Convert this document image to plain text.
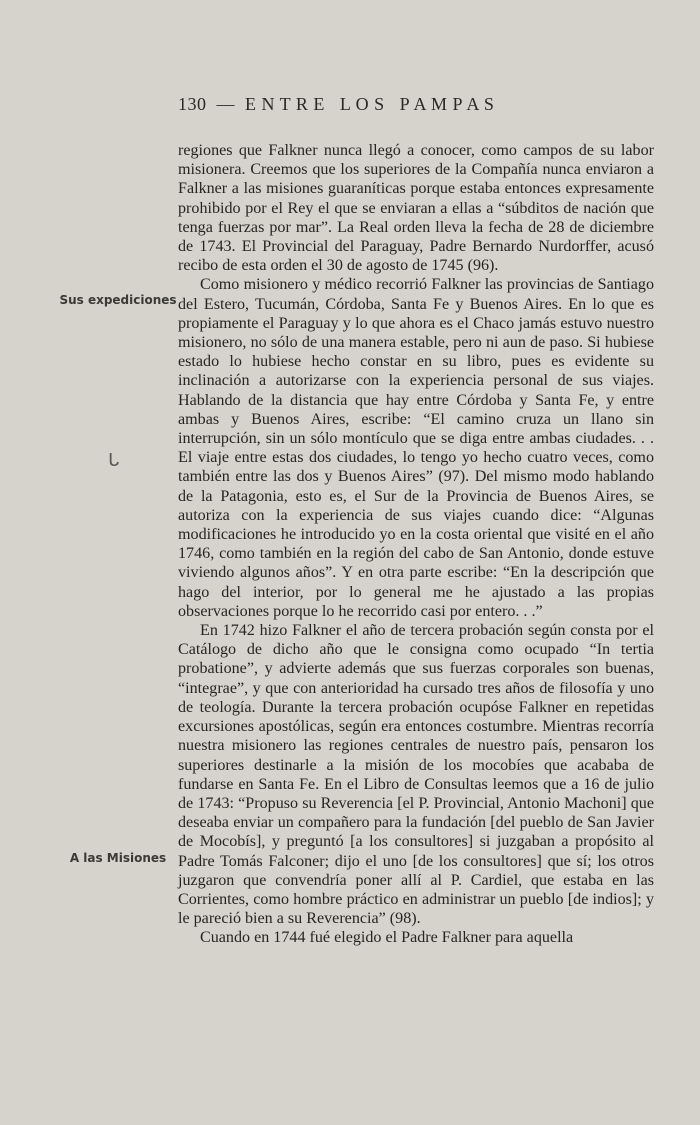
130 — E N T R E   L O S   P A M P A S
Sus expediciones
A las Misiones
ᒐ

regiones que Falkner nunca llegó a conocer, como campos de su labor misionera. Creemos que los superiores de la Compañía nunca enviaron a Falkner a las misiones guaraníticas porque estaba entonces expresamente prohibido por el Rey el que se enviaran a ellas a “súbditos de nación que tenga fuerzas por mar”. La Real orden lleva la fecha de 28 de diciembre de 1743. El Provincial del Paraguay, Padre Bernardo Nurdorffer, acusó recibo de esta orden el 30 de agosto de 1745 (96).

Como misionero y médico recorrió Falkner las provincias de Santiago del Estero, Tucumán, Córdoba, Santa Fe y Buenos Aires. En lo que es propiamente el Paraguay y lo que ahora es el Chaco jamás estuvo nuestro misionero, no sólo de una manera estable, pero ni aun de paso. Si hubiese estado lo hubiese hecho constar en su libro, pues es evidente su inclinación a autorizarse con la experiencia personal de sus viajes. Hablando de la distancia que hay entre Córdoba y Santa Fe, y entre ambas y Buenos Aires, escribe: “El camino cruza un llano sin interrupción, sin un sólo montículo que se diga entre ambas ciudades. . . El viaje entre estas dos ciudades, lo tengo yo hecho cuatro veces, como también entre las dos y Buenos Aires” (97). Del mismo modo hablando de la Patagonia, esto es, el Sur de la Provincia de Buenos Aires, se autoriza con la experiencia de sus viajes cuando dice: “Algunas modificaciones he introducido yo en la costa oriental que visité en el año 1746, como también en la región del cabo de San Antonio, donde estuve viviendo algunos años”. Y en otra parte escribe: “En la descripción que hago del interior, por lo general me he ajustado a las propias observaciones porque lo he recorrido casi por entero. . .”

En 1742 hizo Falkner el año de tercera probación según consta por el Catálogo de dicho año que le consigna como ocupado “In tertia probatione”, y advierte además que sus fuerzas corporales son buenas, “integrae”, y que con anterioridad ha cursado tres años de filosofía y uno de teología. Durante la tercera probación ocupóse Falkner en repetidas excursiones apostólicas, según era entonces costumbre. Mientras recorría nuestra misionero las regiones centrales de nuestro país, pensaron los superiores destinarle a la misión de los mocobíes que acababa de fundarse en Santa Fe. En el Libro de Consultas leemos que a 16 de julio de 1743: “Propuso su Reverencia [el P. Provincial, Antonio Machoni] que deseaba enviar un compañero para la fundación [del pueblo de San Javier de Mocobís], y preguntó [a los consultores] si juzgaban a propósito al Padre Tomás Falconer; dijo el uno [de los consultores] que sí; los otros juzgaron que convendría poner allí al P. Cardiel, que estaba en las Corrientes, como hombre práctico en administrar un pueblo [de indios]; y le pareció bien a su Reverencia” (98).

Cuando en 1744 fué elegido el Padre Falkner para aquella
